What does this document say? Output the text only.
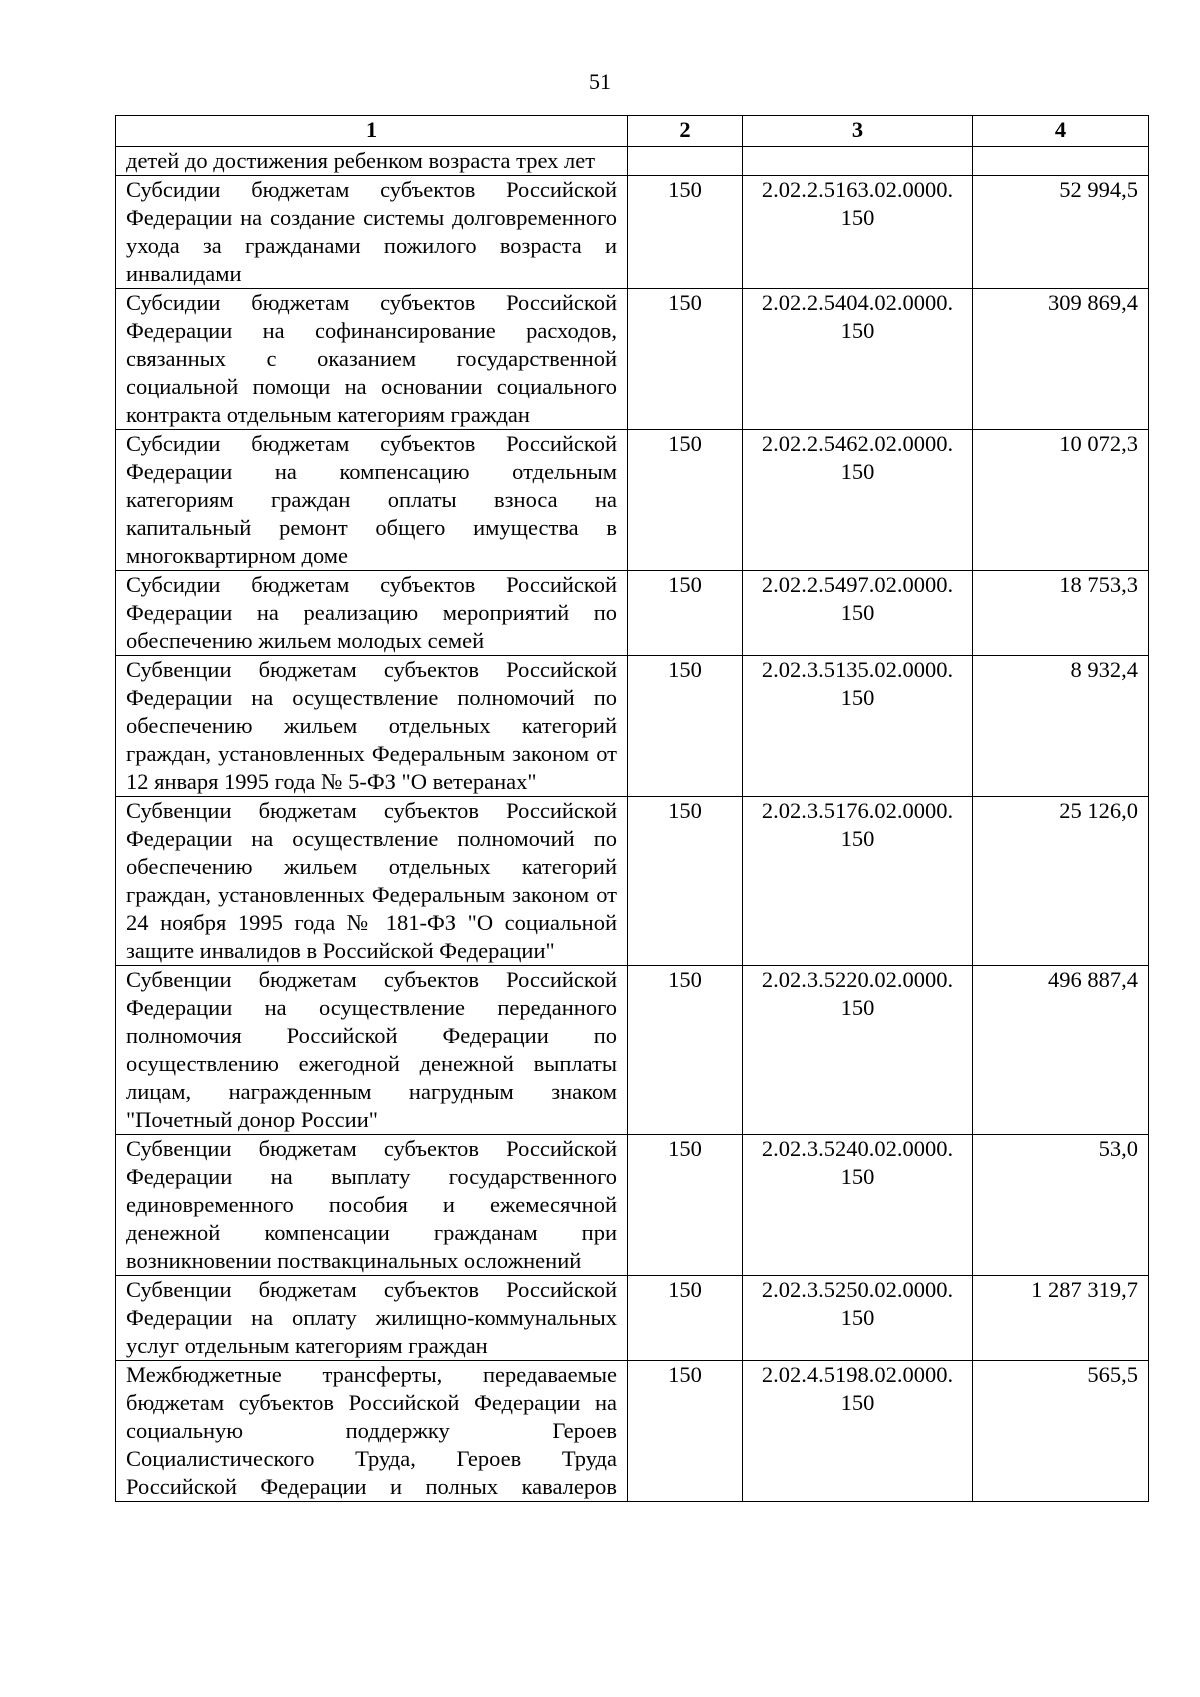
51
1	2	3	4
детей до достижения ребенком возраста трех лет			
Субсидии бюджетам субъектов Российской Федерации на создание системы долговременного ухода за гражданами пожилого возраста и инвалидами	150	2.02.2.5163.02.0000. 150	52 994,5
Субсидии бюджетам субъектов Российской Федерации на софинансирование расходов, связанных с оказанием государственной социальной помощи на основании социального контракта отдельным категориям граждан	150	2.02.2.5404.02.0000. 150	309 869,4
Субсидии бюджетам субъектов Российской Федерации на компенсацию отдельным категориям граждан оплаты взноса на капитальный ремонт общего имущества в многоквартирном доме	150	2.02.2.5462.02.0000. 150	10 072,3
Субсидии бюджетам субъектов Российской Федерации на реализацию мероприятий по обеспечению жильем молодых семей	150	2.02.2.5497.02.0000. 150	18 753,3
Субвенции бюджетам субъектов Российской Федерации на осуществление полномочий по обеспечению жильем отдельных категорий граждан, установленных Федеральным законом от 12 января 1995 года № 5-ФЗ "О ветеранах"	150	2.02.3.5135.02.0000. 150	8 932,4
Субвенции бюджетам субъектов Российской Федерации на осуществление полномочий по обеспечению жильем отдельных категорий граждан, установленных Федеральным законом от 24 ноября 1995 года № 181-ФЗ "О социальной защите инвалидов в Российской Федерации"	150	2.02.3.5176.02.0000. 150	25 126,0
Субвенции бюджетам субъектов Российской Федерации на осуществление переданного полномочия Российской Федерации по осуществлению ежегодной денежной выплаты лицам, награжденным нагрудным знаком "Почетный донор России"	150	2.02.3.5220.02.0000. 150	496 887,4
Субвенции бюджетам субъектов Российской Федерации на выплату государственного единовременного пособия и ежемесячной денежной компенсации гражданам при возникновении поствакцинальных осложнений	150	2.02.3.5240.02.0000. 150	53,0
Субвенции бюджетам субъектов Российской Федерации на оплату жилищно-коммунальных услуг отдельным категориям граждан	150	2.02.3.5250.02.0000. 150	1 287 319,7
Межбюджетные трансферты, передаваемые бюджетам субъектов Российской Федерации на социальную поддержку Героев Социалистического Труда, Героев Труда Российской Федерации и полных кавалеров	150	2.02.4.5198.02.0000. 150	565,5
